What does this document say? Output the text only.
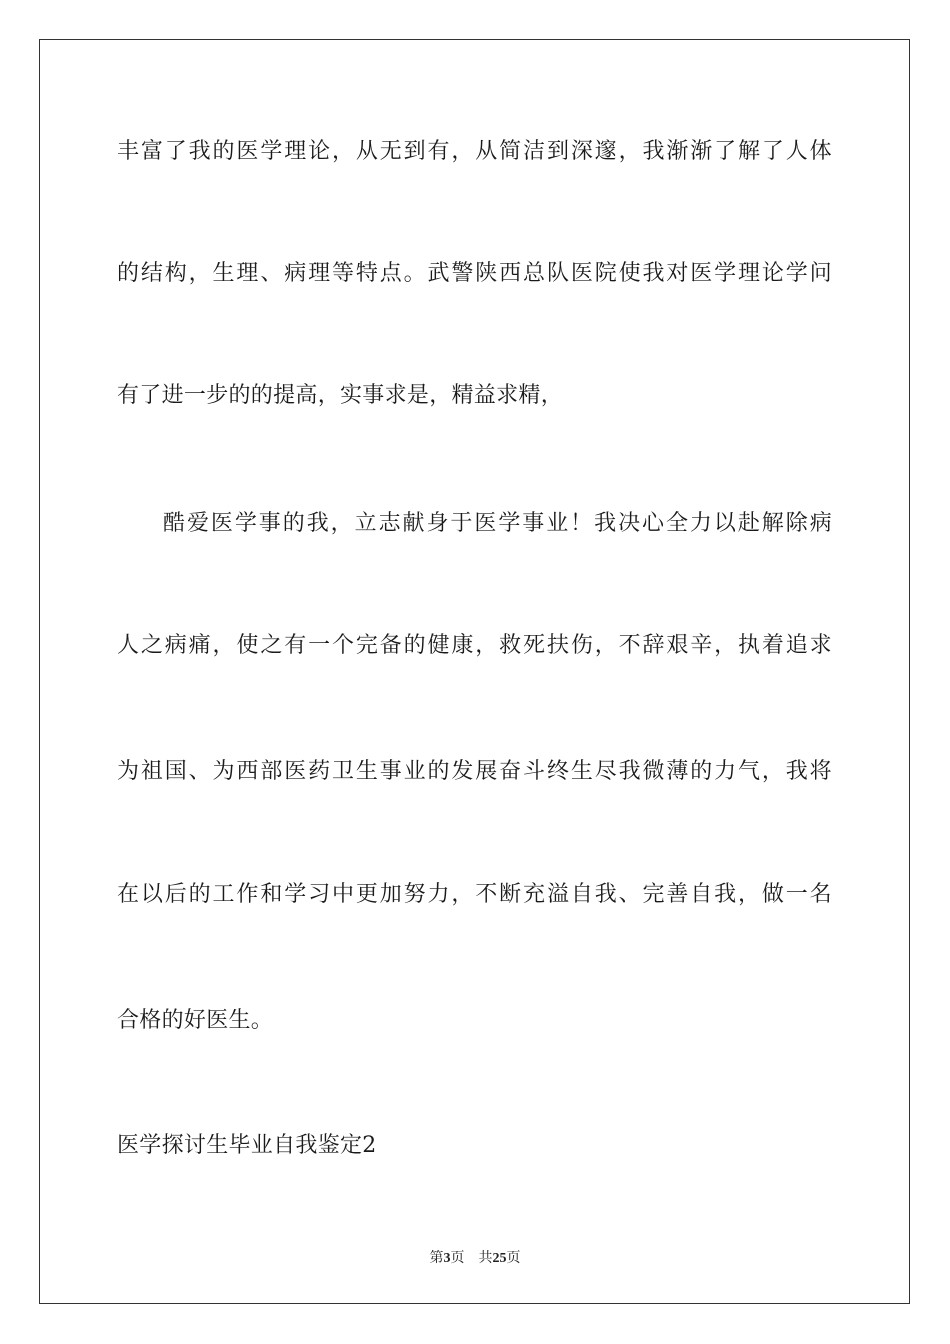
丰富了我的医学理论，从无到有，从简洁到深邃，我渐渐了解了人体
的结构，生理、病理等特点。武警陕西总队医院使我对医学理论学问
有了进一步的的提高，实事求是，精益求精，
酷爱医学事的我，立志献身于医学事业！我决心全力以赴解除病
人之病痛，使之有一个完备的健康，救死扶伤，不辞艰辛，执着追求
为祖国、为西部医药卫生事业的发展奋斗终生尽我微薄的力气，我将
在以后的工作和学习中更加努力，不断充溢自我、完善自我，做一名
合格的好医生。
医学探讨生毕业自我鉴定2
第3页 共25页
